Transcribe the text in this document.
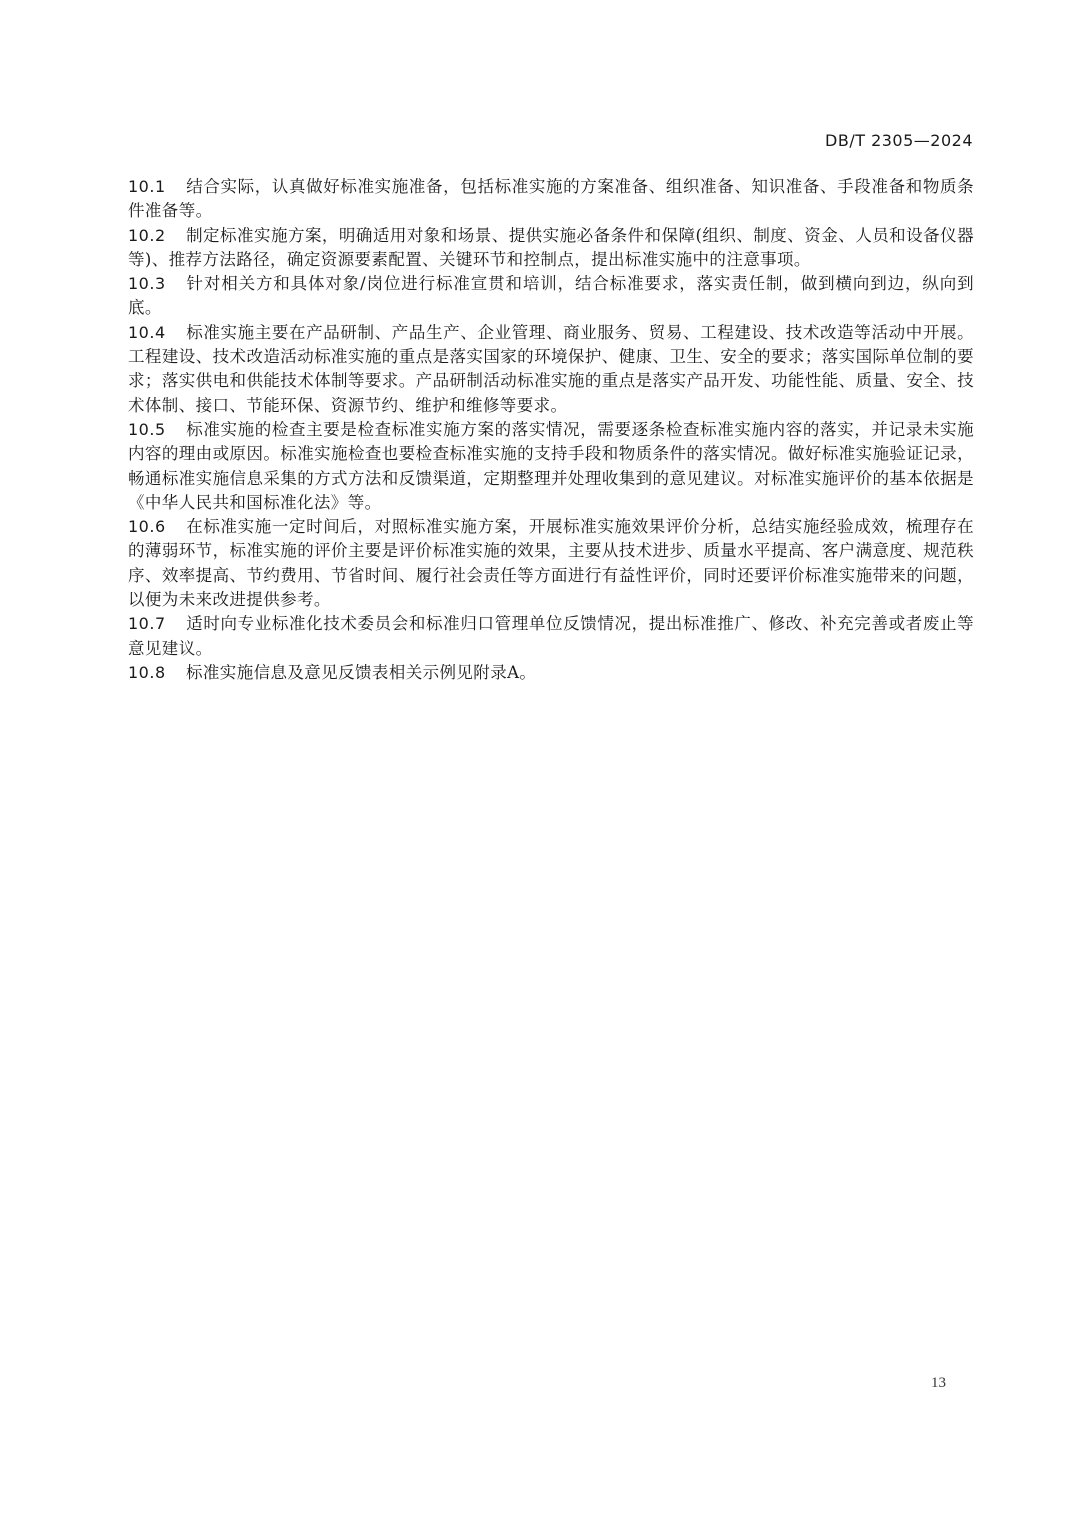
DB/T 2305—2024

10.1 结合实际，认真做好标准实施准备，包括标准实施的方案准备、组织准备、知识准备、手段准备和物质条件准备等。

10.2 制定标准实施方案，明确适用对象和场景、提供实施必备条件和保障(组织、制度、资金、人员和设备仪器等)、推荐方法路径，确定资源要素配置、关键环节和控制点，提出标准实施中的注意事项。

10.3 针对相关方和具体对象/岗位进行标准宣贯和培训，结合标准要求，落实责任制，做到横向到边，纵向到底。

10.4 标准实施主要在产品研制、产品生产、企业管理、商业服务、贸易、工程建设、技术改造等活动中开展。工程建设、技术改造活动标准实施的重点是落实国家的环境保护、健康、卫生、安全的要求；落实国际单位制的要求；落实供电和供能技术体制等要求。产品研制活动标准实施的重点是落实产品开发、功能性能、质量、安全、技术体制、接口、节能环保、资源节约、维护和维修等要求。

10.5 标准实施的检查主要是检查标准实施方案的落实情况，需要逐条检查标准实施内容的落实，并记录未实施内容的理由或原因。标准实施检查也要检查标准实施的支持手段和物质条件的落实情况。做好标准实施验证记录，畅通标准实施信息采集的方式方法和反馈渠道，定期整理并处理收集到的意见建议。对标准实施评价的基本依据是《中华人民共和国标准化法》等。

10.6 在标准实施一定时间后，对照标准实施方案，开展标准实施效果评价分析，总结实施经验成效，梳理存在的薄弱环节，标准实施的评价主要是评价标准实施的效果，主要从技术进步、质量水平提高、客户满意度、规范秩序、效率提高、节约费用、节省时间、履行社会责任等方面进行有益性评价，同时还要评价标准实施带来的问题，以便为未来改进提供参考。

10.7 适时向专业标准化技术委员会和标准归口管理单位反馈情况，提出标准推广、修改、补充完善或者废止等意见建议。

10.8 标准实施信息及意见反馈表相关示例见附录A。

13
